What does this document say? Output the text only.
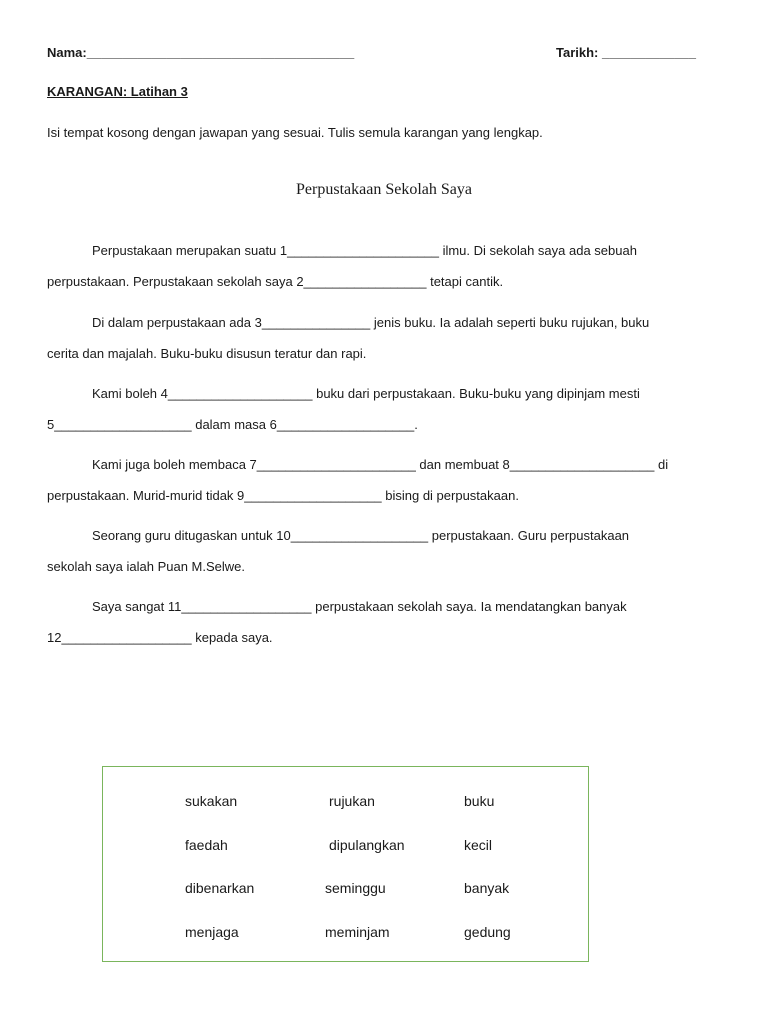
Nama:_____________________________________	Tarikh: _____________
KARANGAN: Latihan 3
Isi tempat kosong dengan jawapan yang sesuai. Tulis semula karangan yang lengkap.
Perpustakaan Sekolah Saya
Perpustakaan merupakan suatu 1_____________________ ilmu. Di sekolah saya ada sebuah
perpustakaan. Perpustakaan sekolah saya 2_________________ tetapi cantik.
Di dalam perpustakaan ada 3_______________ jenis buku. Ia adalah seperti buku rujukan, buku
cerita dan majalah. Buku-buku disusun teratur dan rapi.
Kami boleh 4____________________ buku dari perpustakaan. Buku-buku yang dipinjam mesti
5___________________ dalam masa 6___________________.
Kami juga boleh membaca 7______________________ dan membuat 8____________________ di
perpustakaan. Murid-murid tidak 9___________________ bising di perpustakaan.
Seorang guru ditugaskan untuk 10___________________ perpustakaan. Guru perpustakaan
sekolah saya ialah Puan M.Selwe.
Saya sangat 11__________________ perpustakaan sekolah saya. Ia mendatangkan banyak
12__________________ kepada saya.
sukakan	rujukan	buku
faedah	dipulangkan	kecil
dibenarkan	seminggu	banyak
menjaga	meminjam	gedung
